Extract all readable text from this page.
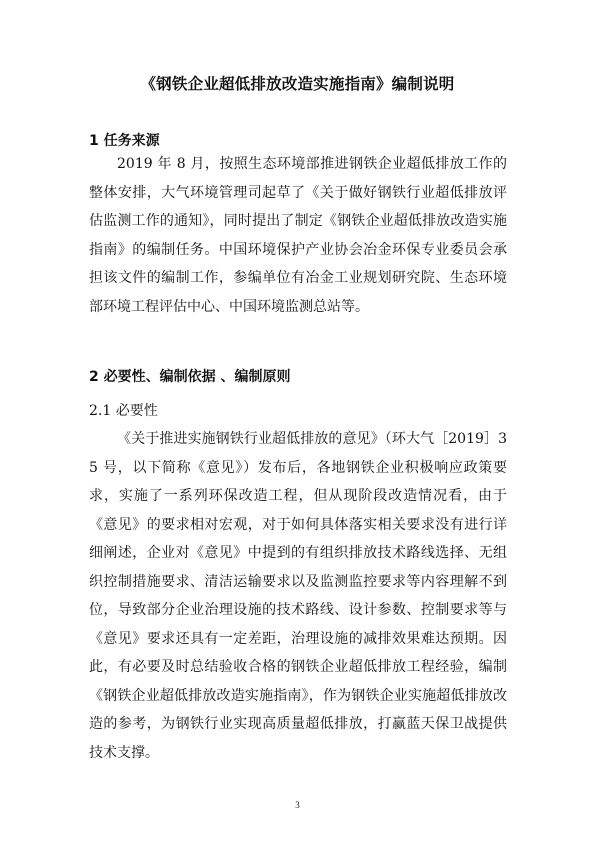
《钢铁企业超低排放改造实施指南》编制说明
1 任务来源
2019 年 8 月，按照生态环境部推进钢铁企业超低排放工作的整体安排，大气环境管理司起草了《关于做好钢铁行业超低排放评估监测工作的通知》，同时提出了制定《钢铁企业超低排放改造实施指南》的编制任务。中国环境保护产业协会冶金环保专业委员会承担该文件的编制工作，参编单位有冶金工业规划研究院、生态环境部环境工程评估中心、中国环境监测总站等。
2 必要性、编制依据 、编制原则
2.1 必要性
《关于推进实施钢铁行业超低排放的意见》（环大气［2019］35 号，以下简称《意见》）发布后，各地钢铁企业积极响应政策要求，实施了一系列环保改造工程，但从现阶段改造情况看，由于《意见》的要求相对宏观，对于如何具体落实相关要求没有进行详细阐述，企业对《意见》中提到的有组织排放技术路线选择、无组织控制措施要求、清洁运输要求以及监测监控要求等内容理解不到位，导致部分企业治理设施的技术路线、设计参数、控制要求等与《意见》要求还具有一定差距，治理设施的减排效果难达预期。因此，有必要及时总结验收合格的钢铁企业超低排放工程经验，编制《钢铁企业超低排放改造实施指南》，作为钢铁企业实施超低排放改造的参考，为钢铁行业实现高质量超低排放，打赢蓝天保卫战提供技术支撑。
3
